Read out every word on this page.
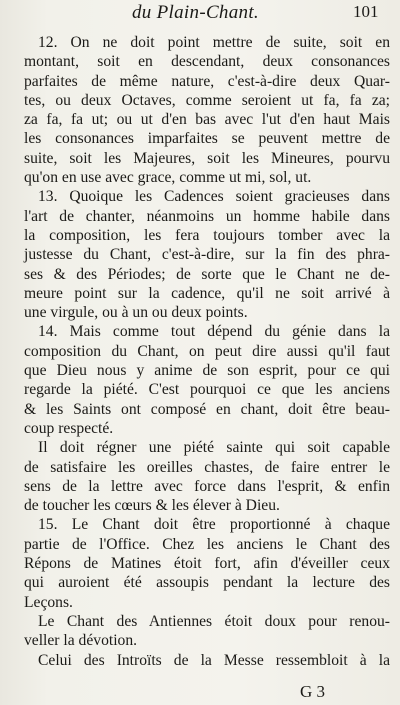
du Plain-Chant.	101
12. On ne doit point mettre de suite, soit en
montant, soit en descendant, deux consonances
parfaites de même nature, c'est-à-dire deux Quar-
tes, ou deux Octaves, comme seroient ut fa, fa za;
za fa, fa ut; ou ut d'en bas avec l'ut d'en haut Mais
les consonances imparfaites se peuvent mettre de
suite, soit les Majeures, soit les Mineures, pourvu
qu'on en use avec grace, comme ut mi, sol, ut.
13. Quoique les Cadences soient gracieuses dans
l'art de chanter, néanmoins un homme habile dans
la composition, les fera toujours tomber avec la
justesse du Chant, c'est-à-dire, sur la fin des phra-
ses & des Périodes; de sorte que le Chant ne de-
meure point sur la cadence, qu'il ne soit arrivé à
une virgule, ou à un ou deux points.
14. Mais comme tout dépend du génie dans la
composition du Chant, on peut dire aussi qu'il faut
que Dieu nous y anime de son esprit, pour ce qui
regarde la piété. C'est pourquoi ce que les anciens
& les Saints ont composé en chant, doit être beau-
coup respecté.
Il doit régner une piété sainte qui soit capable
de satisfaire les oreilles chastes, de faire entrer le
sens de la lettre avec force dans l'esprit, & enfin
de toucher les cœurs & les élever à Dieu.
15. Le Chant doit être proportionné à chaque
partie de l'Office. Chez les anciens le Chant des
Répons de Matines étoit fort, afin d'éveiller ceux
qui auroient été assoupis pendant la lecture des
Leçons.
Le Chant des Antiennes étoit doux pour renou-
veller la dévotion.
Celui des Introïts de la Messe ressembloit à la
G 3
